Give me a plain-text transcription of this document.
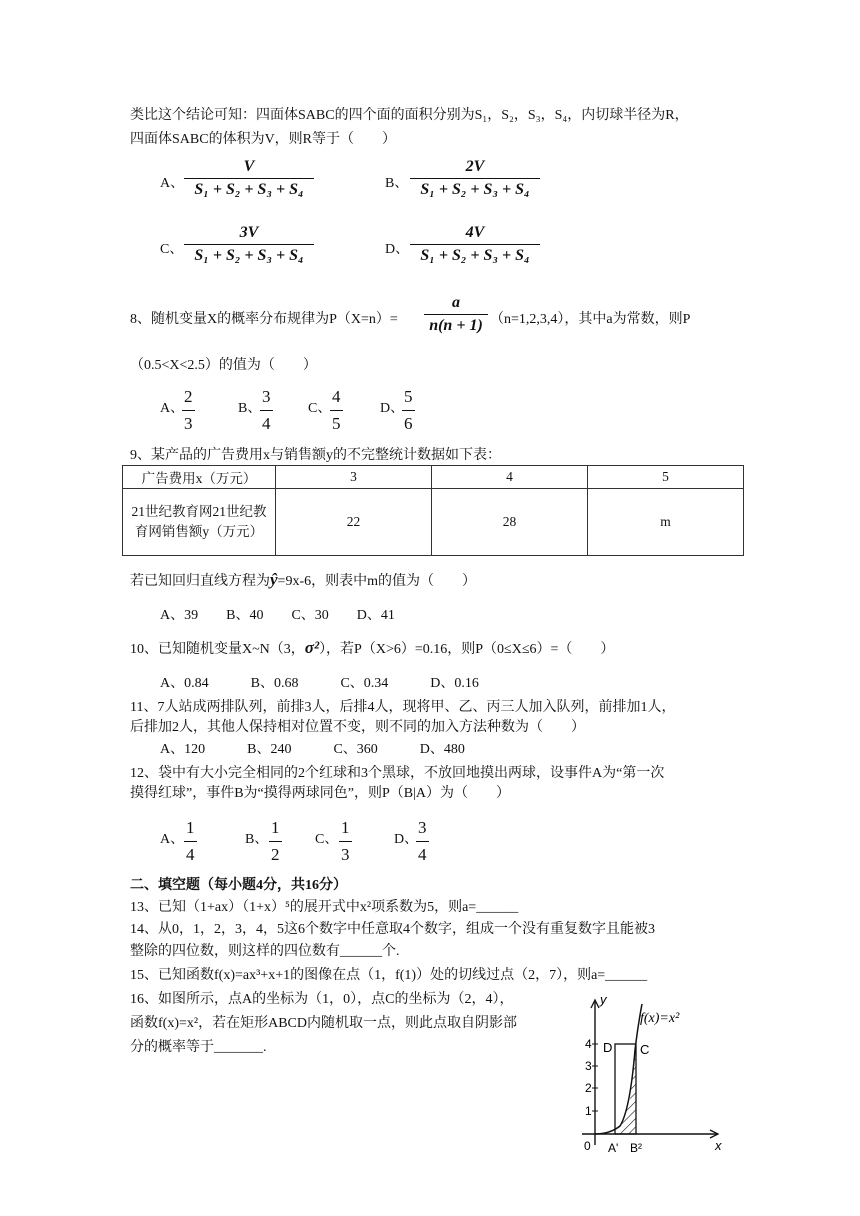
类比这个结论可知：四面体SABC的四个面的面积分别为S₁，S₂，S₃，S₄，内切球半径为R，
四面体SABC的体积为V，则R等于（　　）
A、 $\frac{V}{\text{S₁ + S₂ + S₃ + S₄}}$	B、 $\frac{2V}{\text{S₁ + S₂ + S₃ + S₄}}$
C、 $\frac{3V}{\text{S₁ + S₂ + S₃ + S₄}}$	D、 $\frac{4V}{\text{S₁ + S₂ + S₃ + S₄}}$
8、随机变量X的概率分布规律为$P(X=n)= \frac{a}{n(n + 1)} (n=1,2,3,4)$，其中a为常数，则P
（0.5<X<2.5）的值为（　　）
A、
$\frac{2}{3}$	B、
$\frac{3}{4}$	C、
$\frac{4}{5}$	D、
$\frac{5}{6}$
9、某产品的广告费用x与销售额y的不完整统计数据如下表：
广告费用x（万元）	3	4	5
21世纪教育网21世纪教育网销售额y（万元）	22	28	m
若已知回归直线方程为ŷ=9x-6，则表中m的值为（　　）
A、39　　B、40　　C、30　　D、41
10、已知随机变量X~N（3，σ²），若P（X>6）=0.16，则P（0≤X≤6）=（　　）
A、0.84　　　B、0.68　　　C、0.34　　　D、0.16
11、7人站成两排队列，前排3人，后排4人，现将甲、乙、丙三人加入队列，前排加1人，
后排加2人，其他人保持相对位置不变，则不同的加入方法种数为（　　）
A、120　　　B、240　　　C、360　　　D、480
12、袋中有大小完全相同的2个红球和3个黑球，不放回地摸出两球，设事件A为“第一次
摸得红球”，事件B为“摸得两球同色”，则P（B|A）为（　　）
A、 $\frac{1}{4}$	B、 $\frac{1}{2}$ C、 $\frac{1}{3}$	D、
$\frac{3}{4}$
二、填空题（每小题4分，共16分）
13、已知（1+ax）（1+x）⁵的展开式中x²项系数为5，则a=______
14、从0，1，2，3，4，5这6个数字中任意取4个数字，组成一个没有重复数字且能被3
整除的四位数，则这样的四位数有______个.
15、已知函数f(x)=ax³+x+1的图像在点（1，f(1)）处的切线过点（2，7），则a=______
16、如图所示，点A的坐标为（1，0），点C的坐标为（2，4），
函数f(x)=x²，若在矩形ABCD内随机取一点，则此点取自阴影部
分的概率等于_______.
1
2
3
4
y
x
0
D C
A' B²
f(x)=x²
